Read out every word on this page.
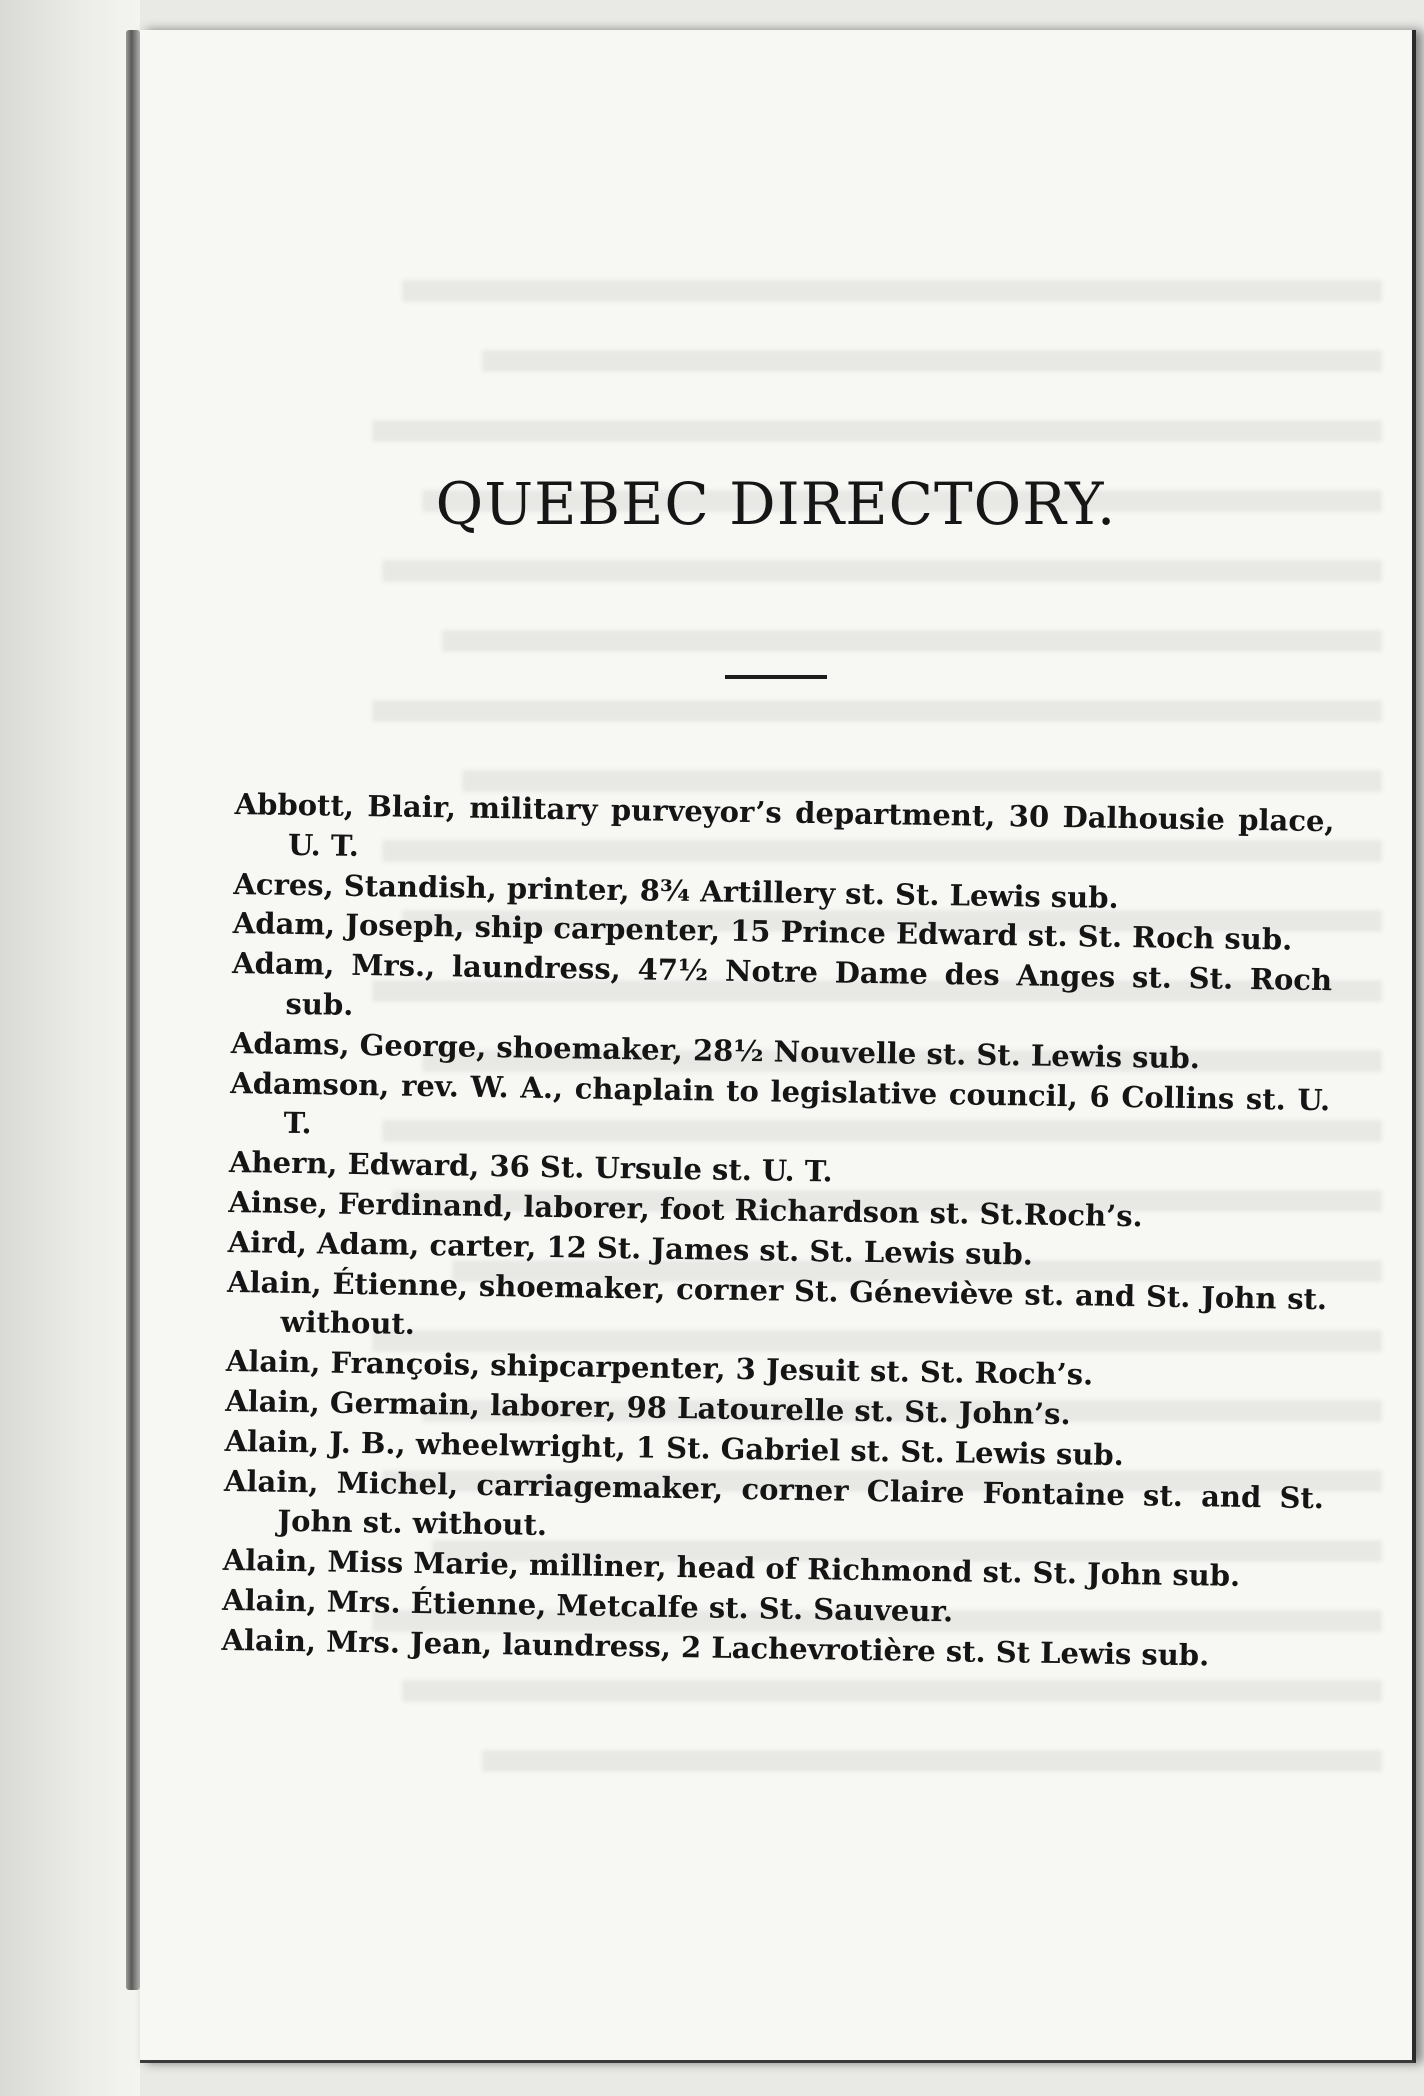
QUEBEC DIRECTORY.

Abbott, Blair, military purveyor’s department, 30 Dalhousie place, U. T.

Acres, Standish, printer, 8¾ Artillery st. St. Lewis sub.

Adam, Joseph, ship carpenter, 15 Prince Edward st. St. Roch sub.

Adam, Mrs., laundress, 47½ Notre Dame des Anges st. St. Roch sub.

Adams, George, shoemaker, 28½ Nouvelle st. St. Lewis sub.

Adamson, rev. W. A., chaplain to legislative council, 6 Collins st. U. T.

Ahern, Edward, 36 St. Ursule st. U. T.

Ainse, Ferdinand, laborer, foot Richardson st. St.Roch’s.

Aird, Adam, carter, 12 St. James st. St. Lewis sub.

Alain, Étienne, shoemaker, corner St. Géneviève st. and St. John st. without.

Alain, François, shipcarpenter, 3 Jesuit st. St. Roch’s.

Alain, Germain, laborer, 98 Latourelle st. St. John’s.

Alain, J. B., wheelwright, 1 St. Gabriel st. St. Lewis sub.

Alain, Michel, carriagemaker, corner Claire Fontaine st. and St. John st. without.

Alain, Miss Marie, milliner, head of Richmond st. St. John sub.

Alain, Mrs. Étienne, Metcalfe st. St. Sauveur.

Alain, Mrs. Jean, laundress, 2 Lachevrotière st. St Lewis sub.
